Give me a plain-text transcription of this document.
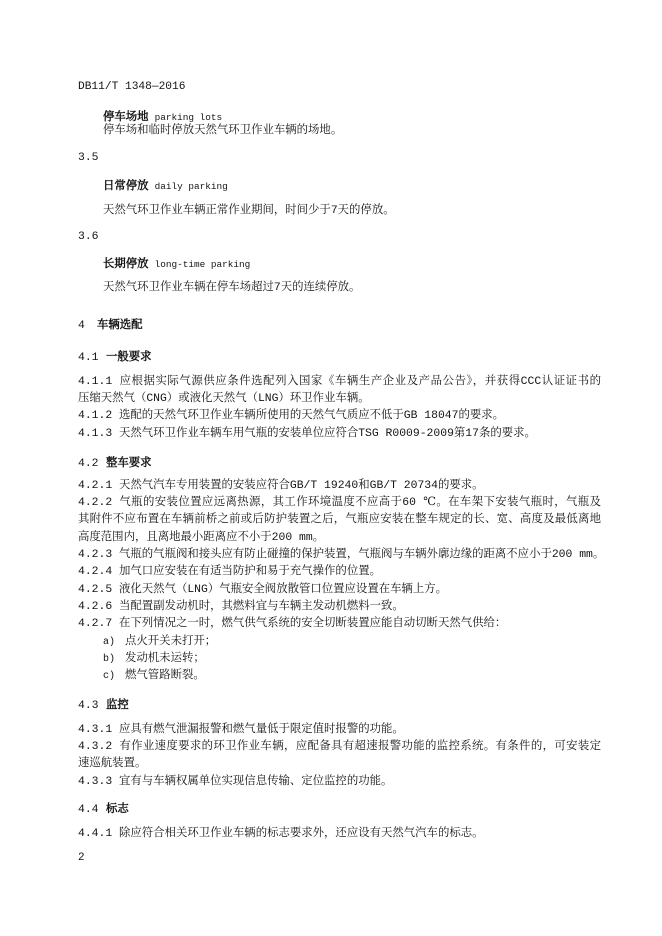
DB11/T 1348—2016
停车场地 parking lots
停车场和临时停放天然气环卫作业车辆的场地。
3.5
日常停放 daily parking
天然气环卫作业车辆正常作业期间，时间少于7天的停放。
3.6
长期停放 long-time parking
天然气环卫作业车辆在停车场超过7天的连续停放。
4 车辆选配
4.1 一般要求
4.1.1 应根据实际气源供应条件选配列入国家《车辆生产企业及产品公告》，并获得CCC认证证书的
压缩天然气（CNG）或液化天然气（LNG）环卫作业车辆。
4.1.2 选配的天然气环卫作业车辆所使用的天然气气质应不低于GB 18047的要求。
4.1.3 天然气环卫作业车辆车用气瓶的安装单位应符合TSG R0009-2009第17条的要求。
4.2 整车要求
4.2.1 天然气汽车专用装置的安装应符合GB/T 19240和GB/T 20734的要求。
4.2.2 气瓶的安装位置应远离热源，其工作环境温度不应高于60 ℃。在车架下安装气瓶时，气瓶及
其附件不应布置在车辆前桥之前或后防护装置之后，气瓶应安装在整车规定的长、宽、高度及最低离地
高度范围内，且离地最小距离应不小于200 mm。
4.2.3 气瓶的气瓶阀和接头应有防止碰撞的保护装置，气瓶阀与车辆外廓边缘的距离不应小于200 mm。
4.2.4 加气口应安装在有适当防护和易于充气操作的位置。
4.2.5 液化天然气（LNG）气瓶安全阀放散管口位置应设置在车辆上方。
4.2.6 当配置副发动机时，其燃料宜与车辆主发动机燃料一致。
4.2.7 在下列情况之一时，燃气供气系统的安全切断装置应能自动切断天然气供给：
a) 点火开关未打开；
b) 发动机未运转；
c) 燃气管路断裂。
4.3 监控
4.3.1 应具有燃气泄漏报警和燃气量低于限定值时报警的功能。
4.3.2 有作业速度要求的环卫作业车辆，应配备具有超速报警功能的监控系统。有条件的，可安装定
速巡航装置。
4.3.3 宜有与车辆权属单位实现信息传输、定位监控的功能。
4.4 标志
4.4.1 除应符合相关环卫作业车辆的标志要求外，还应设有天然气汽车的标志。
2
